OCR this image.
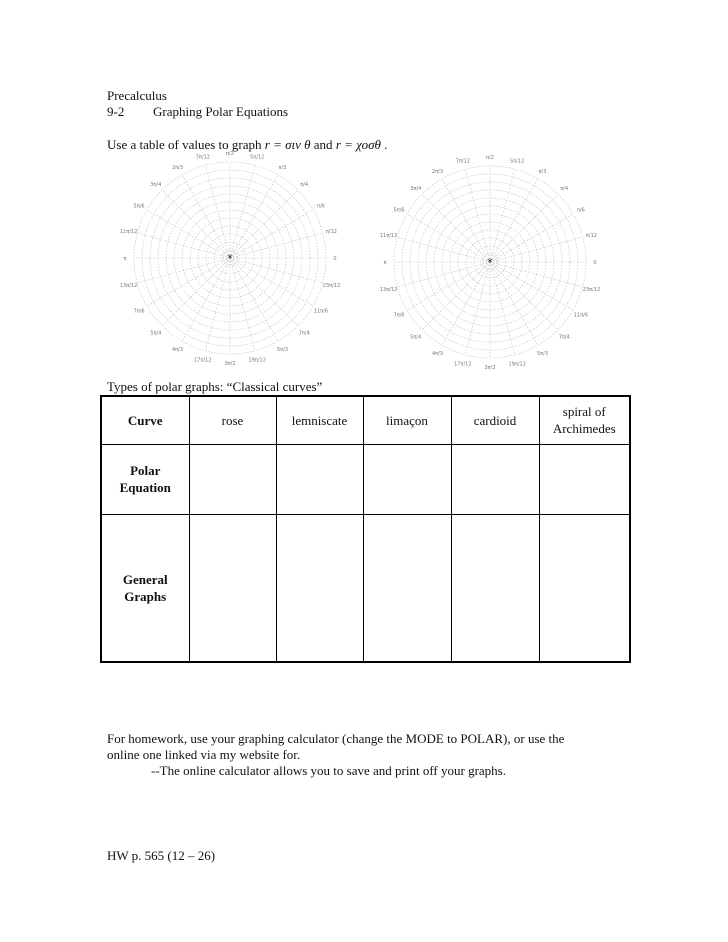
Precalculus
9-2 Graphing Polar Equations
Use a table of values to graph r = σιν θ and r = χοσθ .
0
π/12
π/6
π/4
π/3
5π/12
π/2
7π/12
2π/3
3π/4
5π/6
11π/12
π
13π/12
7π/6
5π/4
4π/3
17π/12
3π/2
19π/12
5π/3
7π/4
11π/6
23π/12
*	0
π/12
π/6
π/4
π/3
5π/12
π/2
7π/12
2π/3
3π/4
5π/6
11π/12
π
13π/12
7π/6
5π/4
4π/3
17π/12
3π/2
19π/12
5π/3
7π/4
11π/6
23π/12
*
Types of polar graphs: “Classical curves”
Curve	rose	lemniscate	limaçon	cardioid	spiral of
Archimedes
Polar
Equation					
General
Graphs					
For homework, use your graphing calculator (change the MODE to POLAR), or use the
online one linked via my website for.
--The online calculator allows you to save and print off your graphs.
HW p. 565 (12 – 26)
